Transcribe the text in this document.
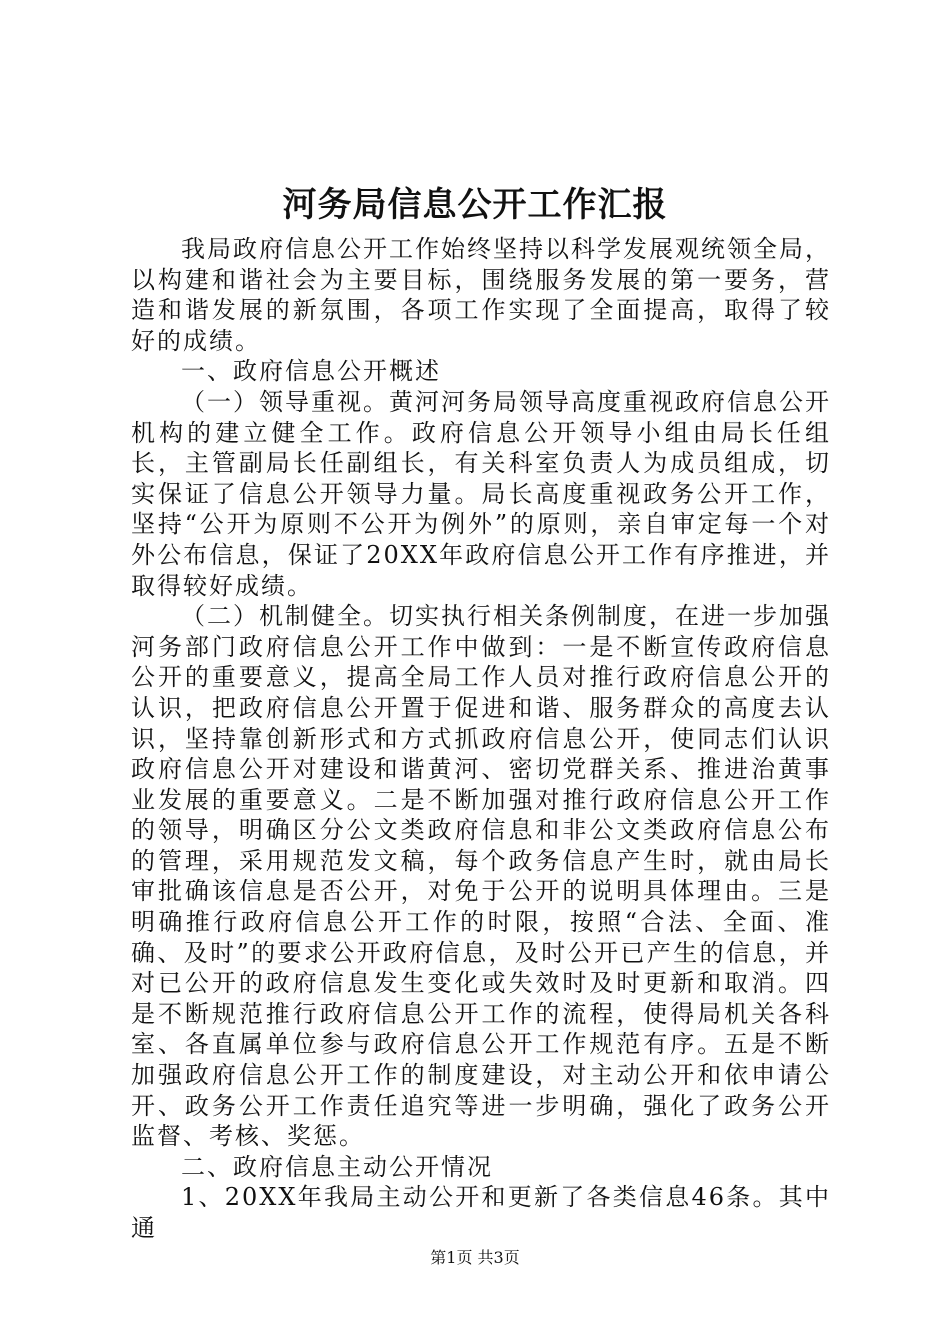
河务局信息公开工作汇报

我局政府信息公开工作始终坚持以科学发展观统领全局，以构建和谐社会为主要目标，围绕服务发展的第一要务，营造和谐发展的新氛围，各项工作实现了全面提高，取得了较好的成绩。

一、政府信息公开概述

（一）领导重视。黄河河务局领导高度重视政府信息公开机构的建立健全工作。政府信息公开领导小组由局长任组长，主管副局长任副组长，有关科室负责人为成员组成，切实保证了信息公开领导力量。局长高度重视政务公开工作，坚持“公开为原则不公开为例外”的原则，亲自审定每一个对外公布信息，保证了20XX年政府信息公开工作有序推进，并取得较好成绩。

（二）机制健全。切实执行相关条例制度，在进一步加强河务部门政府信息公开工作中做到：一是不断宣传政府信息公开的重要意义，提高全局工作人员对推行政府信息公开的认识，把政府信息公开置于促进和谐、服务群众的高度去认识，坚持靠创新形式和方式抓政府信息公开，使同志们认识政府信息公开对建设和谐黄河、密切党群关系、推进治黄事业发展的重要意义。二是不断加强对推行政府信息公开工作的领导，明确区分公文类政府信息和非公文类政府信息公布的管理，采用规范发文稿，每个政务信息产生时，就由局长审批确该信息是否公开，对免于公开的说明具体理由。三是明确推行政府信息公开工作的时限，按照“合法、全面、准确、及时”的要求公开政府信息，及时公开已产生的信息，并对已公开的政府信息发生变化或失效时及时更新和取消。四是不断规范推行政府信息公开工作的流程，使得局机关各科室、各直属单位参与政府信息公开工作规范有序。五是不断加强政府信息公开工作的制度建设，对主动公开和依申请公开、政务公开工作责任追究等进一步明确，强化了政务公开监督、考核、奖惩。

二、政府信息主动公开情况

1、20XX年我局主动公开和更新了各类信息46条。其中通

第1页 共3页
